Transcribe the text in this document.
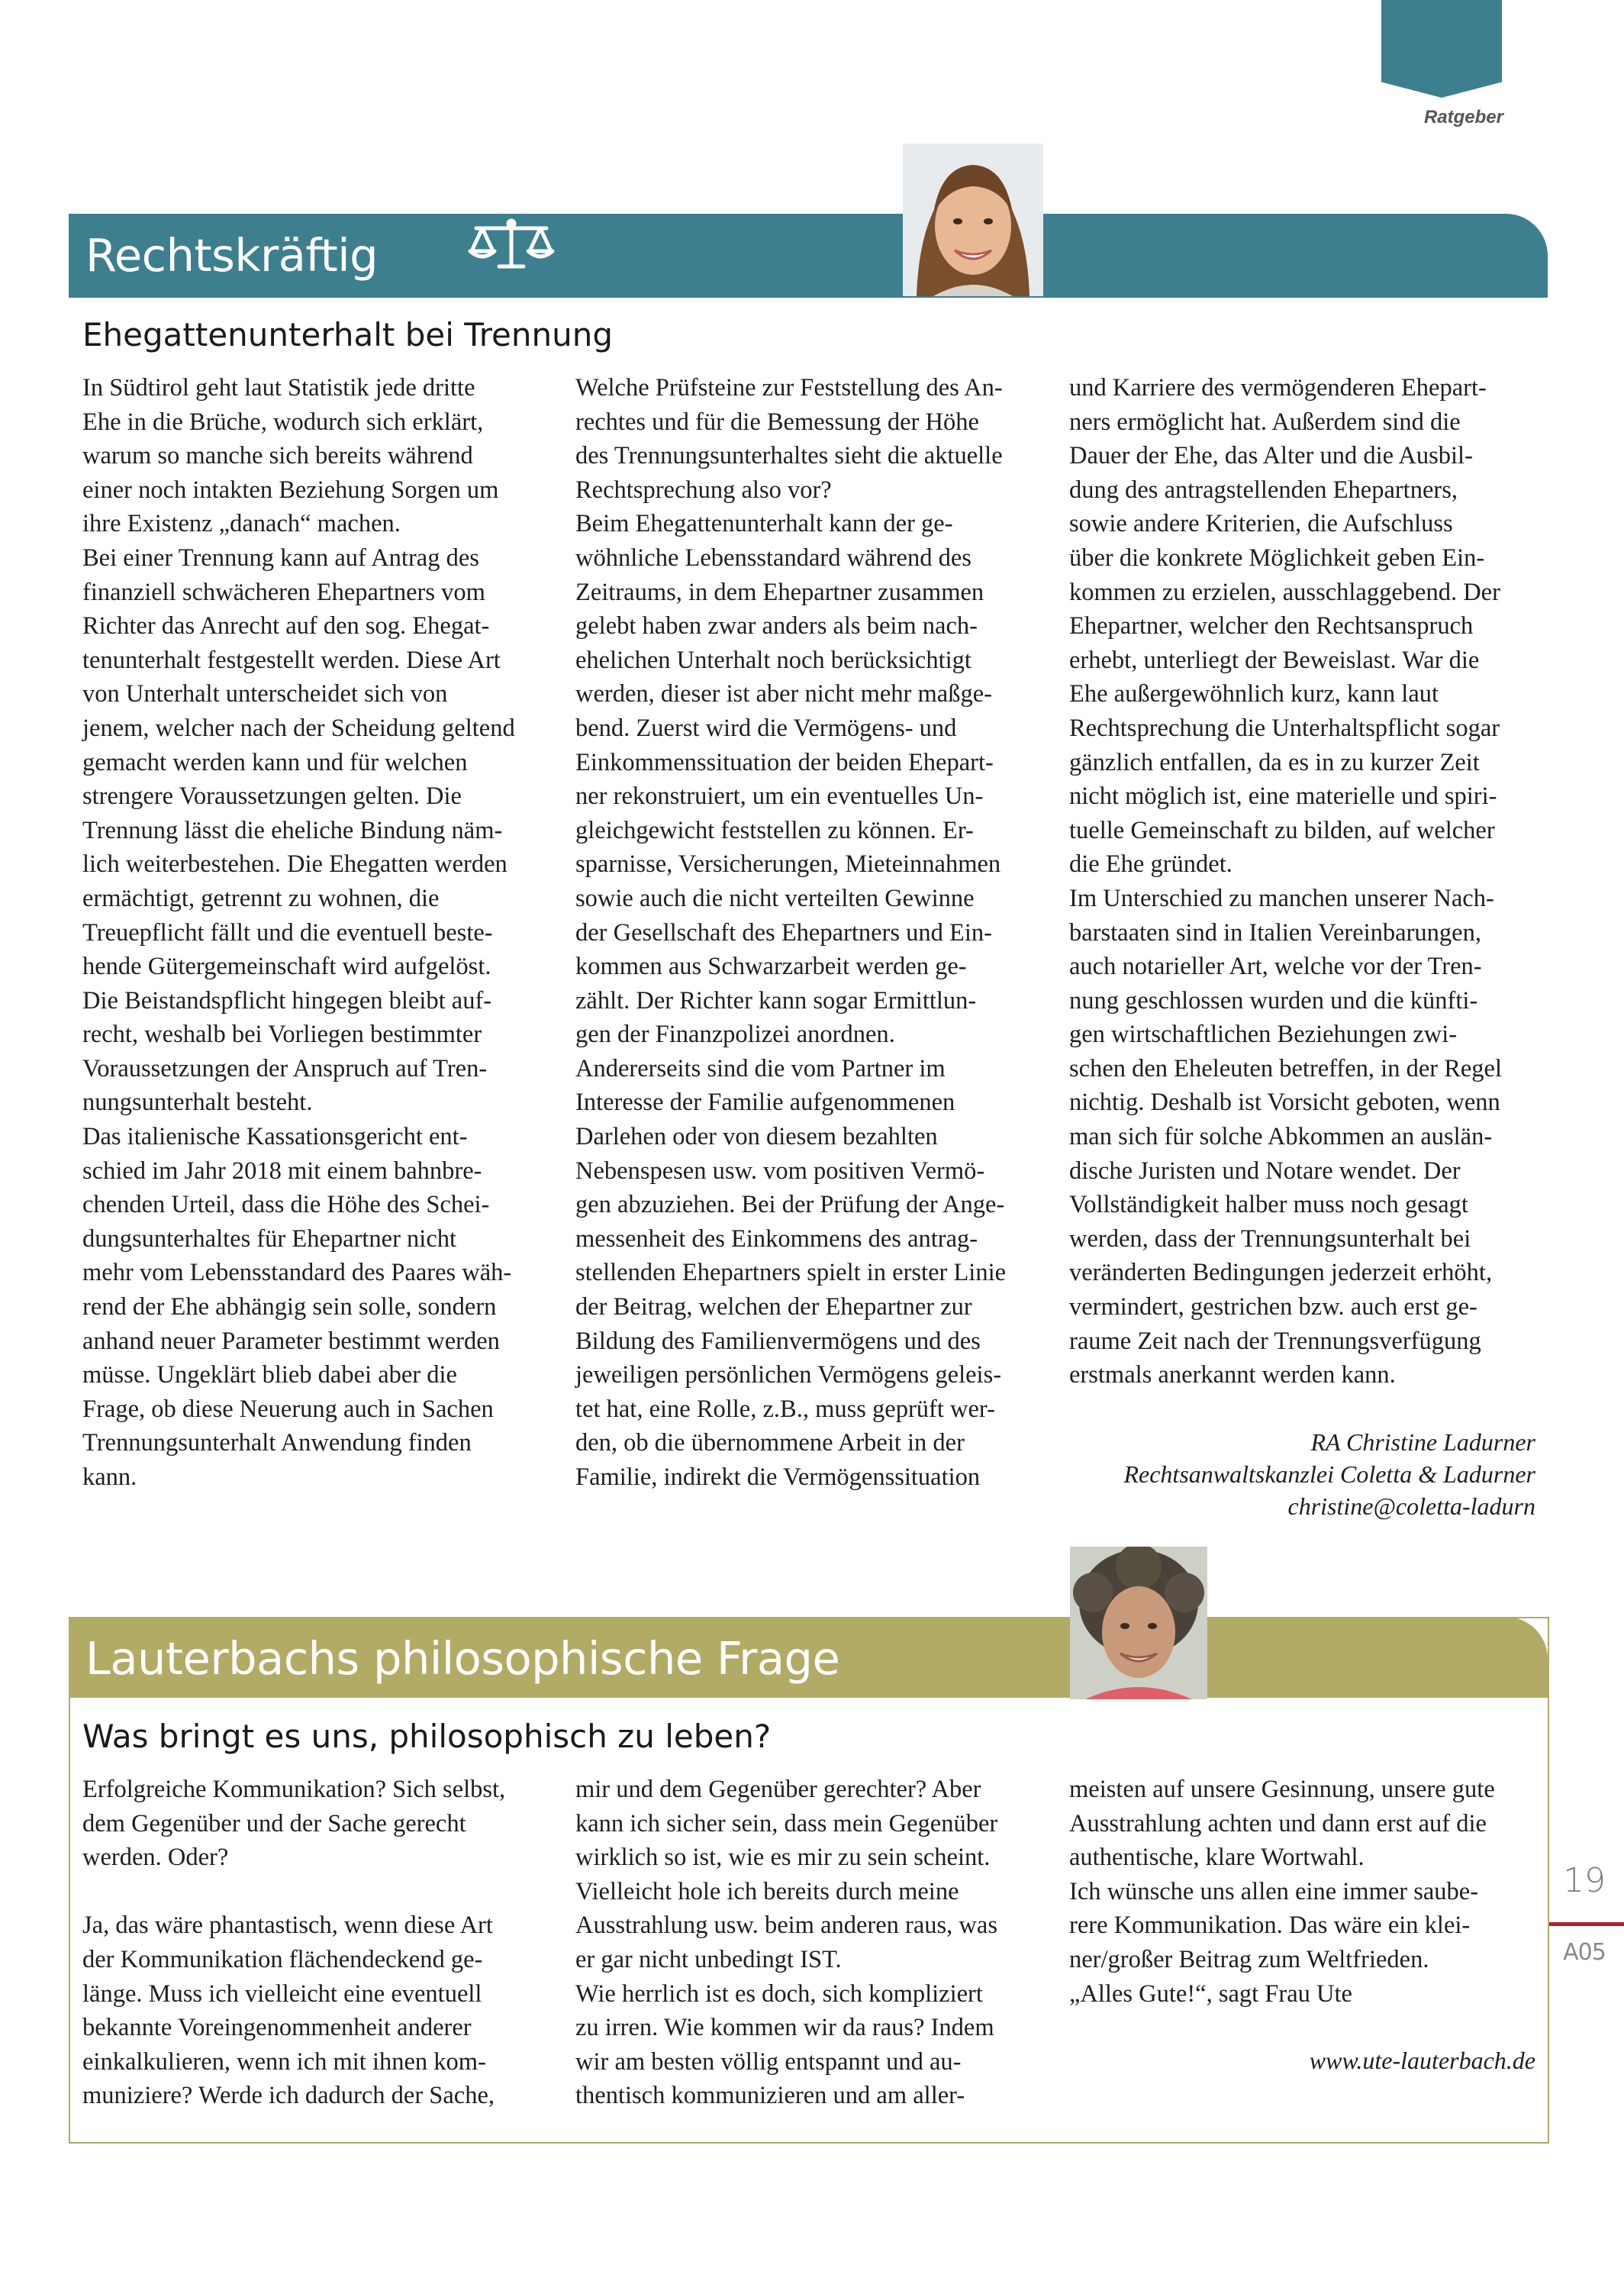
Ratgeber
Rechtskräftig
Ehegattenunterhalt bei Trennung

In Südtirol geht laut Statistik jede dritte
Ehe in die Brüche, wodurch sich erklärt,
warum so manche sich bereits während
einer noch intakten Beziehung Sorgen um
ihre Existenz „danach“ machen.
Bei einer Trennung kann auf Antrag des
finanziell schwächeren Ehepartners vom
Richter das Anrecht auf den sog. Ehegat-
tenunterhalt festgestellt werden. Diese Art
von Unterhalt unterscheidet sich von
jenem, welcher nach der Scheidung geltend
gemacht werden kann und für welchen
strengere Voraussetzungen gelten. Die
Trennung lässt die eheliche Bindung näm-
lich weiterbestehen. Die Ehegatten werden
ermächtigt, getrennt zu wohnen, die
Treuepflicht fällt und die eventuell beste-
hende Gütergemeinschaft wird aufgelöst.
Die Beistandspflicht hingegen bleibt auf-
recht, weshalb bei Vorliegen bestimmter
Voraussetzungen der Anspruch auf Tren-
nungsunterhalt besteht.
Das italienische Kassationsgericht ent-
schied im Jahr 2018 mit einem bahnbre-
chenden Urteil, dass die Höhe des Schei-
dungsunterhaltes für Ehepartner nicht
mehr vom Lebensstandard des Paares wäh-
rend der Ehe abhängig sein solle, sondern
anhand neuer Parameter bestimmt werden
müsse. Ungeklärt blieb dabei aber die
Frage, ob diese Neuerung auch in Sachen
Trennungsunterhalt Anwendung finden
kann.

Welche Prüfsteine zur Feststellung des An-
rechtes und für die Bemessung der Höhe
des Trennungsunterhaltes sieht die aktuelle
Rechtsprechung also vor?
Beim Ehegattenunterhalt kann der ge-
wöhnliche Lebensstandard während des
Zeitraums, in dem Ehepartner zusammen
gelebt haben zwar anders als beim nach-
ehelichen Unterhalt noch berücksichtigt
werden, dieser ist aber nicht mehr maßge-
bend. Zuerst wird die Vermögens- und
Einkommenssituation der beiden Ehepart-
ner rekonstruiert, um ein eventuelles Un-
gleichgewicht feststellen zu können. Er-
sparnisse, Versicherungen, Mieteinnahmen
sowie auch die nicht verteilten Gewinne
der Gesellschaft des Ehepartners und Ein-
kommen aus Schwarzarbeit werden ge-
zählt. Der Richter kann sogar Ermittlun-
gen der Finanzpolizei anordnen.
Andererseits sind die vom Partner im
Interesse der Familie aufgenommenen
Darlehen oder von diesem bezahlten
Nebenspesen usw. vom positiven Vermö-
gen abzuziehen. Bei der Prüfung der Ange-
messenheit des Einkommens des antrag-
stellenden Ehepartners spielt in erster Linie
der Beitrag, welchen der Ehepartner zur
Bildung des Familienvermögens und des
jeweiligen persönlichen Vermögens geleis-
tet hat, eine Rolle, z.B., muss geprüft wer-
den, ob die übernommene Arbeit in der
Familie, indirekt die Vermögenssituation

und Karriere des vermögenderen Ehepart-
ners ermöglicht hat. Außerdem sind die
Dauer der Ehe, das Alter und die Ausbil-
dung des antragstellenden Ehepartners,
sowie andere Kriterien, die Aufschluss
über die konkrete Möglichkeit geben Ein-
kommen zu erzielen, ausschlaggebend. Der
Ehepartner, welcher den Rechtsanspruch
erhebt, unterliegt der Beweislast. War die
Ehe außergewöhnlich kurz, kann laut
Rechtsprechung die Unterhaltspflicht sogar
gänzlich entfallen, da es in zu kurzer Zeit
nicht möglich ist, eine materielle und spiri-
tuelle Gemeinschaft zu bilden, auf welcher
die Ehe gründet.
Im Unterschied zu manchen unserer Nach-
barstaaten sind in Italien Vereinbarungen,
auch notarieller Art, welche vor der Tren-
nung geschlossen wurden und die künfti-
gen wirtschaftlichen Beziehungen zwi-
schen den Eheleuten betreffen, in der Regel
nichtig. Deshalb ist Vorsicht geboten, wenn
man sich für solche Abkommen an auslän-
dische Juristen und Notare wendet. Der
Vollständigkeit halber muss noch gesagt
werden, dass der Trennungsunterhalt bei
veränderten Bedingungen jederzeit erhöht,
vermindert, gestrichen bzw. auch erst ge-
raume Zeit nach der Trennungsverfügung
erstmals anerkannt werden kann.

RA Christine Ladurner
Rechtsanwaltskanzlei Coletta & Ladurner
christine@coletta-ladurn
Lauterbachs philosophische Frage
Was bringt es uns, philosophisch zu leben?

Erfolgreiche Kommunikation? Sich selbst,
dem Gegenüber und der Sache gerecht
werden. Oder?

Ja, das wäre phantastisch, wenn diese Art
der Kommunikation flächendeckend ge-
länge. Muss ich vielleicht eine eventuell
bekannte Voreingenommenheit anderer
einkalkulieren, wenn ich mit ihnen kom-
muniziere? Werde ich dadurch der Sache,

mir und dem Gegenüber gerechter? Aber
kann ich sicher sein, dass mein Gegenüber
wirklich so ist, wie es mir zu sein scheint.
Vielleicht hole ich bereits durch meine
Ausstrahlung usw. beim anderen raus, was
er gar nicht unbedingt IST.
Wie herrlich ist es doch, sich kompliziert
zu irren. Wie kommen wir da raus? Indem
wir am besten völlig entspannt und au-
thentisch kommunizieren und am aller-

meisten auf unsere Gesinnung, unsere gute
Ausstrahlung achten und dann erst auf die
authentische, klare Wortwahl.
Ich wünsche uns allen eine immer saube-
rere Kommunikation. Das wäre ein klei-
ner/großer Beitrag zum Weltfrieden.
„Alles Gute!“, sagt Frau Ute

www.ute-lauterbach.de
19
A05
